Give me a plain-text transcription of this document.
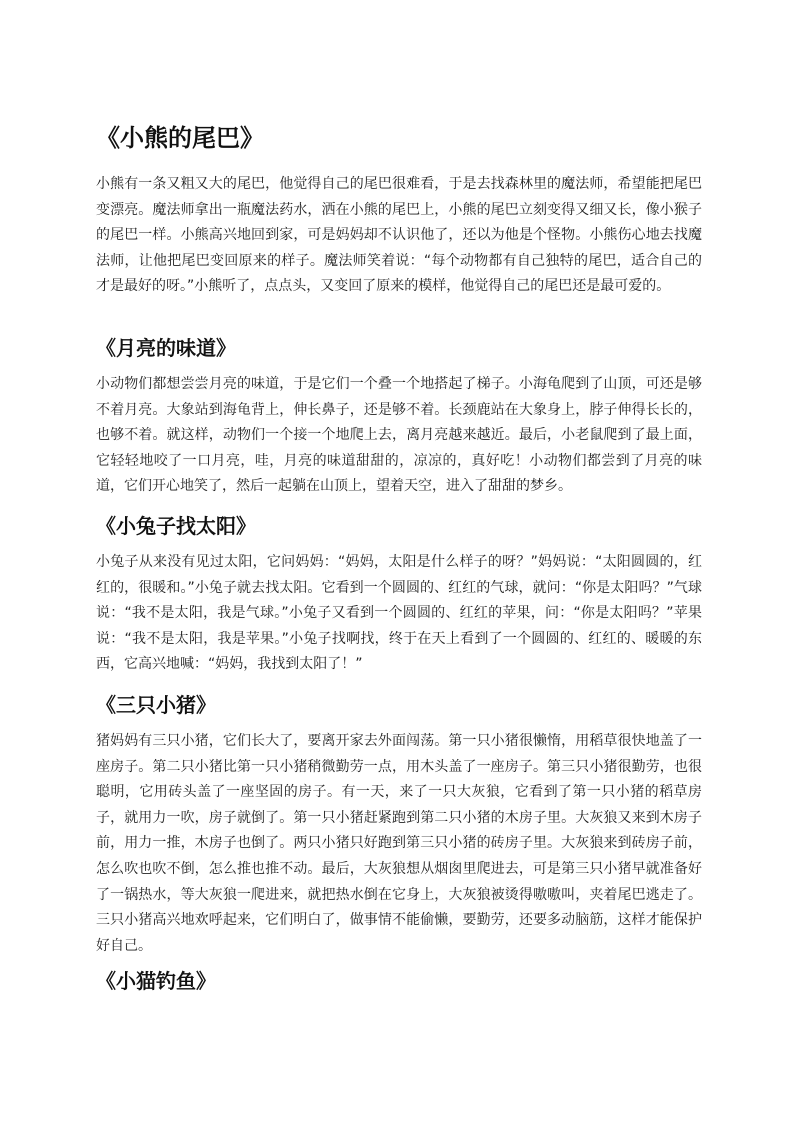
《小熊的尾巴》

小熊有一条又粗又大的尾巴，他觉得自己的尾巴很难看，于是去找森林里的魔法师，希望能把尾巴变漂亮。魔法师拿出一瓶魔法药水，洒在小熊的尾巴上，小熊的尾巴立刻变得又细又长，像小猴子的尾巴一样。小熊高兴地回到家，可是妈妈却不认识他了，还以为他是个怪物。小熊伤心地去找魔法师，让他把尾巴变回原来的样子。魔法师笑着说：“每个动物都有自己独特的尾巴，适合自己的才是最好的呀。”小熊听了，点点头，又变回了原来的模样，他觉得自己的尾巴还是最可爱的。

《月亮的味道》

小动物们都想尝尝月亮的味道，于是它们一个叠一个地搭起了梯子。小海龟爬到了山顶，可还是够不着月亮。大象站到海龟背上，伸长鼻子，还是够不着。长颈鹿站在大象身上，脖子伸得长长的，也够不着。就这样，动物们一个接一个地爬上去，离月亮越来越近。最后，小老鼠爬到了最上面，它轻轻地咬了一口月亮，哇，月亮的味道甜甜的，凉凉的，真好吃！小动物们都尝到了月亮的味道，它们开心地笑了，然后一起躺在山顶上，望着天空，进入了甜甜的梦乡。

《小兔子找太阳》

小兔子从来没有见过太阳，它问妈妈：“妈妈，太阳是什么样子的呀？”妈妈说：“太阳圆圆的，红红的，很暖和。”小兔子就去找太阳。它看到一个圆圆的、红红的气球，就问：“你是太阳吗？”气球说：“我不是太阳，我是气球。”小兔子又看到一个圆圆的、红红的苹果，问：“你是太阳吗？”苹果说：“我不是太阳，我是苹果。”小兔子找啊找，终于在天上看到了一个圆圆的、红红的、暖暖的东西，它高兴地喊：“妈妈，我找到太阳了！”

《三只小猪》

猪妈妈有三只小猪，它们长大了，要离开家去外面闯荡。第一只小猪很懒惰，用稻草很快地盖了一座房子。第二只小猪比第一只小猪稍微勤劳一点，用木头盖了一座房子。第三只小猪很勤劳，也很聪明，它用砖头盖了一座坚固的房子。有一天，来了一只大灰狼，它看到了第一只小猪的稻草房子，就用力一吹，房子就倒了。第一只小猪赶紧跑到第二只小猪的木房子里。大灰狼又来到木房子前，用力一推，木房子也倒了。两只小猪只好跑到第三只小猪的砖房子里。大灰狼来到砖房子前，怎么吹也吹不倒，怎么推也推不动。最后，大灰狼想从烟囱里爬进去，可是第三只小猪早就准备好了一锅热水，等大灰狼一爬进来，就把热水倒在它身上，大灰狼被烫得嗷嗷叫，夹着尾巴逃走了。三只小猪高兴地欢呼起来，它们明白了，做事情不能偷懒，要勤劳，还要多动脑筋，这样才能保护好自己。

《小猫钓鱼》
